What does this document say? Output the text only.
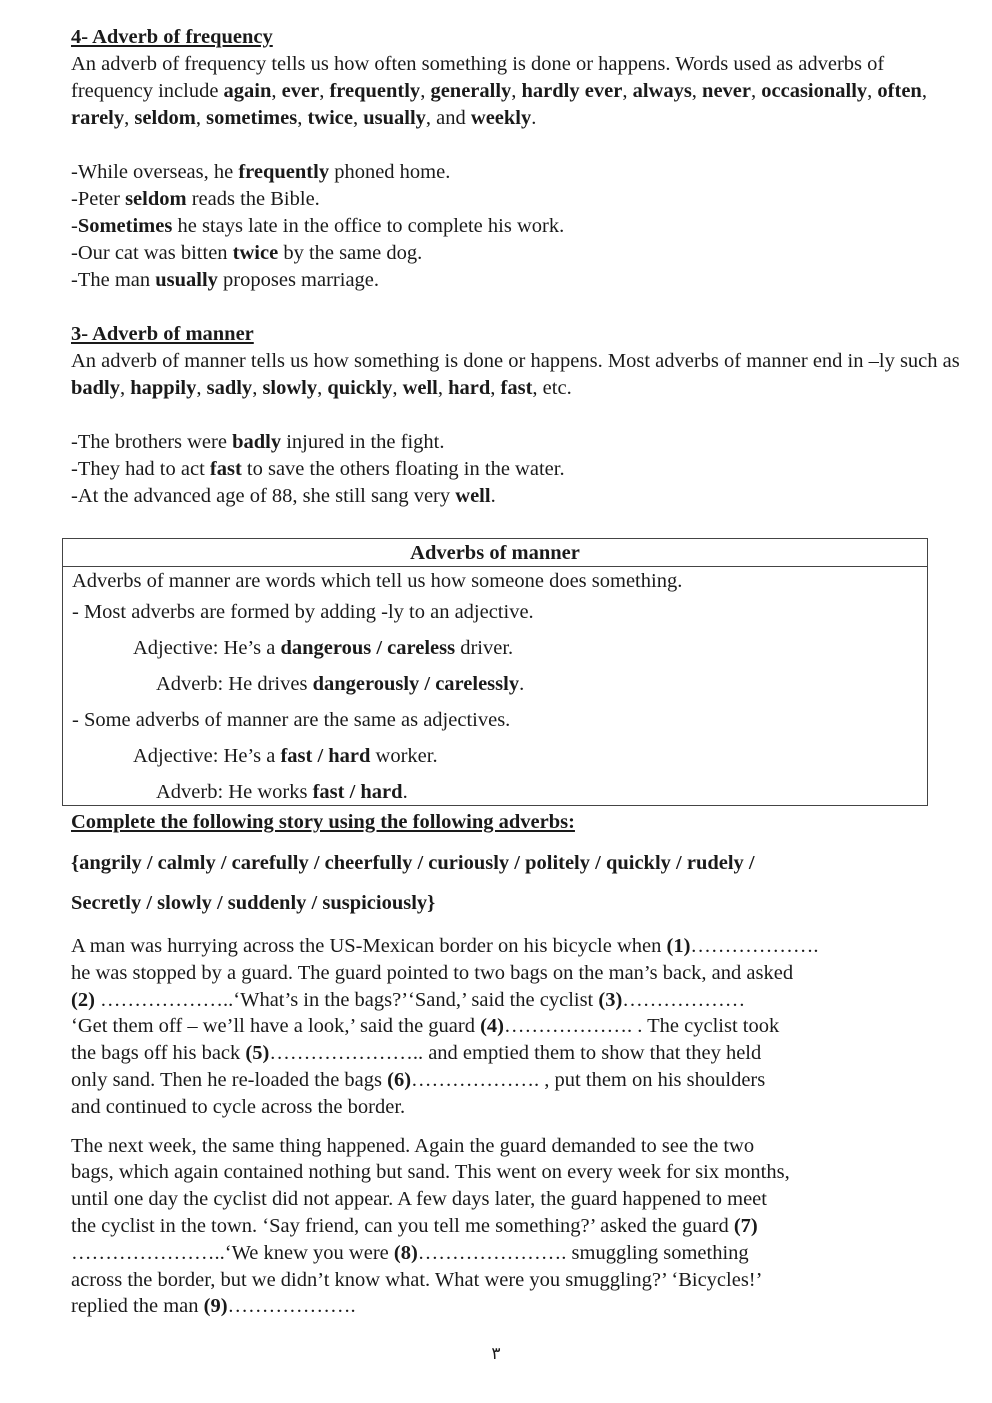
4- Adverb of frequency

An adverb of frequency tells us how often something is done or happens. Words used as adverbs of frequency include again, ever, frequently, generally, hardly ever, always, never, occasionally, often, rarely, seldom, sometimes, twice, usually, and weekly.

-While overseas, he frequently phoned home.

-Peter seldom reads the Bible.

-Sometimes he stays late in the office to complete his work.

-Our cat was bitten twice by the same dog.

-The man usually proposes marriage.

3- Adverb of manner

An adverb of manner tells us how something is done or happens. Most adverbs of manner end in –ly such as badly, happily, sadly, slowly, quickly, well, hard, fast, etc.

-The brothers were badly injured in the fight.

-They had to act fast to save the others floating in the water.

-At the advanced age of 88, she still sang very well.

Adverbs of manner
Adverbs of manner are words which tell us how someone does something.
- Most adverbs are formed by adding -ly to an adjective.
Adjective: He’s a dangerous / careless driver.
Adverb: He drives dangerously / carelessly.
- Some adverbs of manner are the same as adjectives.
Adjective: He’s a fast / hard worker.
Adverb: He works fast / hard.

Complete the following story using the following adverbs:

{angrily / calmly / carefully / cheerfully / curiously / politely / quickly / rudely /
Secretly / slowly / suddenly / suspiciously}

A man was hurrying across the US-Mexican border on his bicycle when (1)……………….
he was stopped by a guard. The guard pointed to two bags on the man’s back, and asked
(2) ………………..‘What’s in the bags?’‘Sand,’ said the cyclist (3)………………
‘Get them off – we’ll have a look,’ said the guard (4)………………. . The cyclist took
the bags off his back (5)………………….. and emptied them to show that they held
only sand. Then he re-loaded the bags (6)………………. , put them on his shoulders
and continued to cycle across the border.

The next week, the same thing happened. Again the guard demanded to see the two
bags, which again contained nothing but sand. This went on every week for six months,
until one day the cyclist did not appear. A few days later, the guard happened to meet
the cyclist in the town. ‘Say friend, can you tell me something?’ asked the guard (7)
…………………..‘We knew you were (8)…………………. smuggling something
across the border, but we didn’t know what. What were you smuggling?’ ‘Bicycles!’
replied the man (9)……………….

٣
